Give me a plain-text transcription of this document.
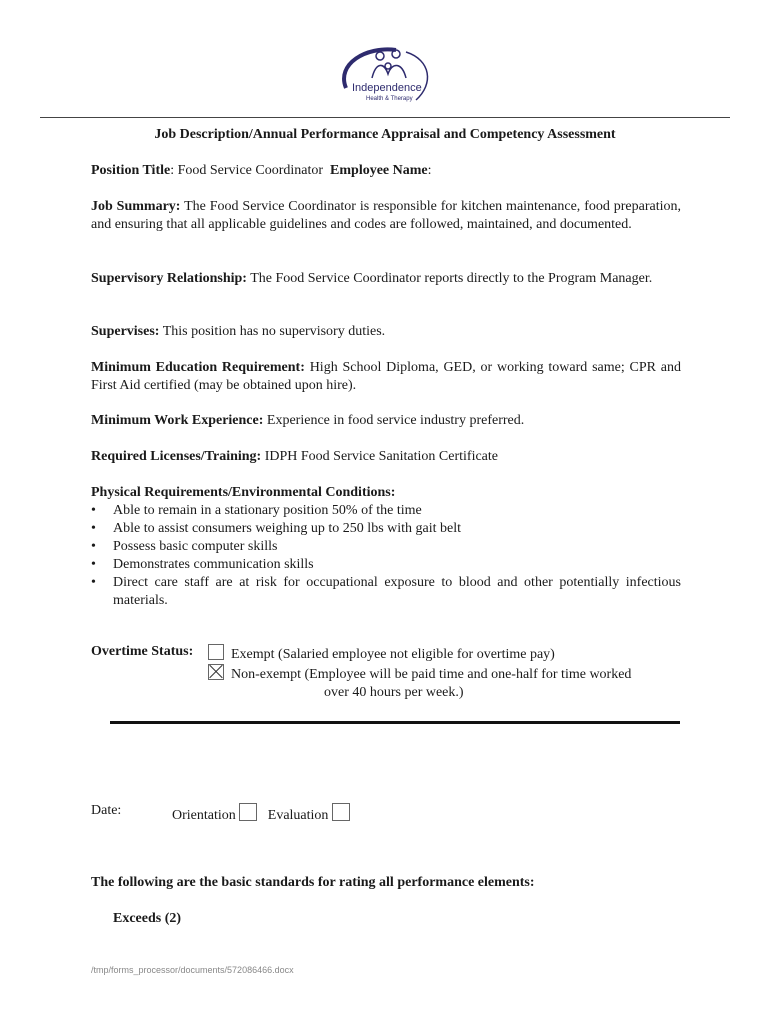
Independence
Health & Therapy
Job Description/Annual Performance Appraisal and Competency Assessment
Position Title: Food Service Coordinator Employee Name:
Job Summary: The Food Service Coordinator is responsible for kitchen maintenance, food preparation, and ensuring that all applicable guidelines and codes are followed, maintained, and documented.
Supervisory Relationship: The Food Service Coordinator reports directly to the Program Manager.
Supervises: This position has no supervisory duties.
Minimum Education Requirement: High School Diploma, GED, or working toward same; CPR and First Aid certified (may be obtained upon hire).
Minimum Work Experience: Experience in food service industry preferred.
Required Licenses/Training: IDPH Food Service Sanitation Certificate
Physical Requirements/Environmental Conditions:
• Able to remain in a stationary position 50% of the time
• Able to assist consumers weighing up to 250 lbs with gait belt
• Possess basic computer skills
• Demonstrates communication skills
• Direct care staff are at risk for occupational exposure to blood and other potentially infectious materials.
Overtime Status:	Exempt (Salaried employee not eligible for overtime pay)
Non-exempt (Employee will be paid time and one-half for time worked
over 40 hours per week.)
Date:	Orientation Evaluation
The following are the basic standards for rating all performance elements:
Exceeds (2)
/tmp/forms_processor/documents/572086466.docx
